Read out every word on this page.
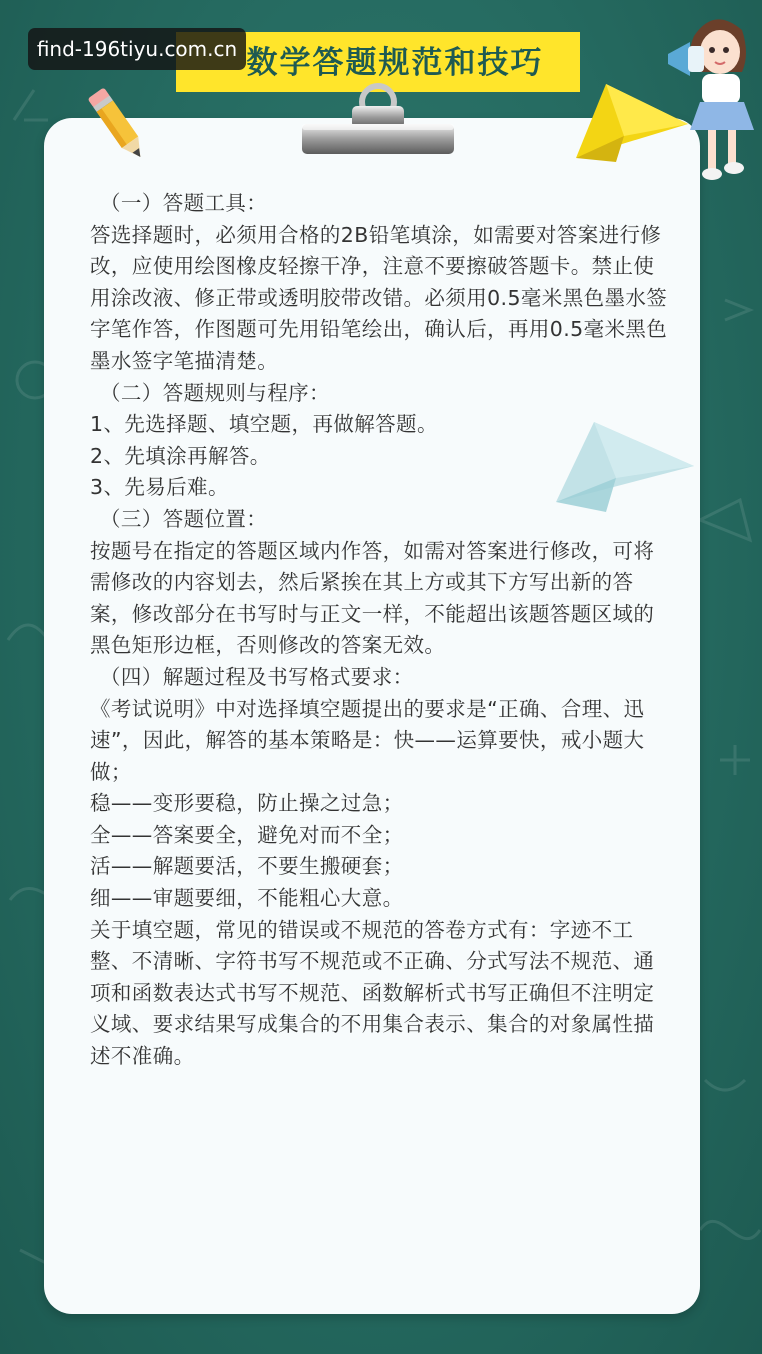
数学答题规范和技巧
find-196tiyu.com.cn

（一）答题工具：

答选择题时，必须用合格的2B铅笔填涂，如需要对答案进行修改，应使用绘图橡皮轻擦干净，注意不要擦破答题卡。禁止使用涂改液、修正带或透明胶带改错。必须用0.5毫米黑色墨水签字笔作答，作图题可先用铅笔绘出，确认后，再用0.5毫米黑色墨水签字笔描清楚。

（二）答题规则与程序：

1、先选择题、填空题，再做解答题。

2、先填涂再解答。

3、先易后难。

（三）答题位置：

按题号在指定的答题区域内作答，如需对答案进行修改，可将需修改的内容划去，然后紧挨在其上方或其下方写出新的答案，修改部分在书写时与正文一样，不能超出该题答题区域的黑色矩形边框，否则修改的答案无效。

（四）解题过程及书写格式要求：

《考试说明》中对选择填空题提出的要求是“正确、合理、迅速”，因此，解答的基本策略是：快——运算要快，戒小题大做；

稳——变形要稳，防止操之过急；

全——答案要全，避免对而不全；

活——解题要活，不要生搬硬套；

细——审题要细，不能粗心大意。

关于填空题，常见的错误或不规范的答卷方式有：字迹不工整、不清晰、字符书写不规范或不正确、分式写法不规范、通项和函数表达式书写不规范、函数解析式书写正确但不注明定义域、要求结果写成集合的不用集合表示、集合的对象属性描述不准确。
